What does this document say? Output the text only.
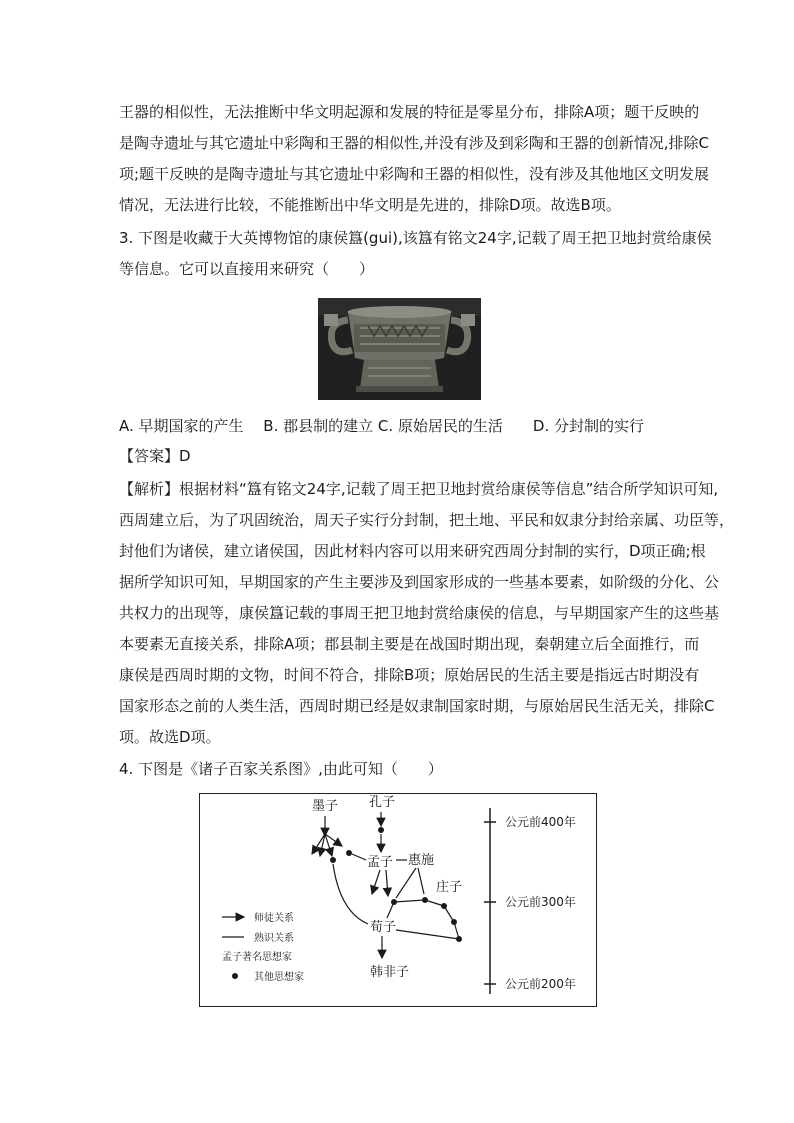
王器的相似性，无法推断中华文明起源和发展的特征是零星分布，排除A项；题干反映的
是陶寺遗址与其它遗址中彩陶和王器的相似性,并没有涉及到彩陶和王器的创新情况,排除C
项;题干反映的是陶寺遗址与其它遗址中彩陶和王器的相似性，没有涉及其他地区文明发展
情况，无法进行比较，不能推断出中华文明是先进的，排除D项。故选B项。
3. 下图是收藏于大英博物馆的康侯簋(gui),该簋有铭文24字,记载了周王把卫地封赏给康侯
等信息。它可以直接用来研究（　　）
A. 早期国家的产生　 B. 郡县制的建立 C. 原始居民的生活　　D. 分封制的实行
【答案】D
【解析】根据材料“簋有铭文24字,记载了周王把卫地封赏给康侯等信息”结合所学知识可知,
西周建立后，为了巩固统治，周天子实行分封制，把土地、平民和奴隶分封给亲属、功臣等，
封他们为诸侯，建立诸侯国，因此材料内容可以用来研究西周分封制的实行，D项正确;根
据所学知识可知，早期国家的产生主要涉及到国家形成的一些基本要素，如阶级的分化、公
共权力的出现等，康侯簋记载的事周王把卫地封赏给康侯的信息，与早期国家产生的这些基
本要素无直接关系，排除A项；郡县制主要是在战国时期出现，秦朝建立后全面推行，而
康侯是西周时期的文物，时间不符合，排除B项；原始居民的生活主要是指远古时期没有
国家形态之前的人类生活，西周时期已经是奴隶制国家时期，与原始居民生活无关，排除C
项。故选D项。
4. 下图是《诸子百家关系图》,由此可知（　　）
公元前400年
公元前300年
公元前200年
墨子 孔子
孟子 惠施
庄子
荀子
韩非子
师徒关系
熟识关系
孟子著名思想家
其他思想家
